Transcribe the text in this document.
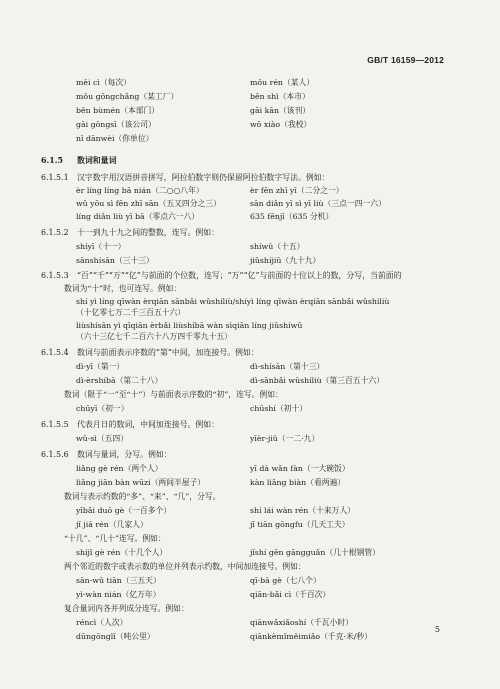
GB/T 16159—2012
měi cì（每次）	mǒu rén（某人）
mǒu gōngchǎng（某工厂）	běn shì（本市）
běn bùmén（本部门）	gāi kān（该刊）
gāi gōngsī（该公司）	wǒ xiào（我校）
nǐ dānwèi（你单位）
6.1.5 数词和量词
6.1.5.1 汉字数字用汉语拼音拼写，阿拉伯数字则仍保留阿拉伯数字写法。例如：
èr líng líng bā nián（二○○八年）	èr fēn zhī yī（二分之一）
wǔ yōu sì fēn zhī sān（五又四分之三）	sān diǎn yī sì yī liù（三点一四一六）
líng diǎn liù yī bā（零点六一八）	635 fēnjī（635 分机）
6.1.5.2 十一到九十九之间的整数，连写。例如：
shíyī（十一）	shíwǔ（十五）
sānshísān（三十三）	jiǔshíjiǔ（九十九）
6.1.5.3 “百”“千”“万”“亿”与前面的个位数，连写；“万”“亿”与前面的十位以上的数，分写，当前面的
数词为“十”时，也可连写。例如：
shí yì líng qīwàn èrqiān sānbǎi wǔshíliù/shíyì líng qīwàn èrqiān sānbǎi wǔshíliù
（十亿零七万二千三百五十六）
liùshísān yì qīqiān èrbǎi liùshíbā wàn sìqiān líng jiǔshíwǔ
（六十三亿七千二百六十八万四千零九十五）
6.1.5.4 数词与前面表示序数的“第”中间，加连接号。例如：
dì-yī（第一）	dì-shísān（第十三）
dì-èrshíbā（第二十八）	dì-sānbǎi wǔshíliù（第三百五十六）
数词（限于“一”至“十”）与前面表示序数的“初”，连写。例如：
chūyī（初一）	chūshí（初十）
6.1.5.5 代表月日的数词，中间加连接号。例如：
wǔ-sì（五四）	yīèr-jiǔ（一二·九）
6.1.5.6 数词与量词，分写。例如：
liǎng gè rén（两个人）	yī dà wǎn fàn（一大碗饭）
liǎng jiān bàn wūzi（两间半屋子）	kàn liǎng biàn（看两遍）
数词与表示约数的“多”、“来”、“几”，分写。
yībǎi duō gè（一百多个）	shí lái wàn rén（十来万人）
jǐ jiā rén（几家人）	jǐ tiān gōngfu（几天工夫）
“十几”、“几十”连写。例如：
shíjǐ gè rén（十几个人）	jǐshí gēn gāngguǎn（几十根钢管）
两个邻近的数字或表示数的单位并列表示约数，中间加连接号。例如：
sān-wǔ tiān（三五天）	qī-bā gè（七八个）
yì-wàn nián（亿万年）	qiān-bǎi cì（千百次）
复合量词内各并列成分连写。例如：
réncì（人次）	qiānwǎxiǎoshí（千瓦小时）
dūngōnglǐ（吨公里）	qiānkèmǐměimiǎo（千克·米/秒）
5
